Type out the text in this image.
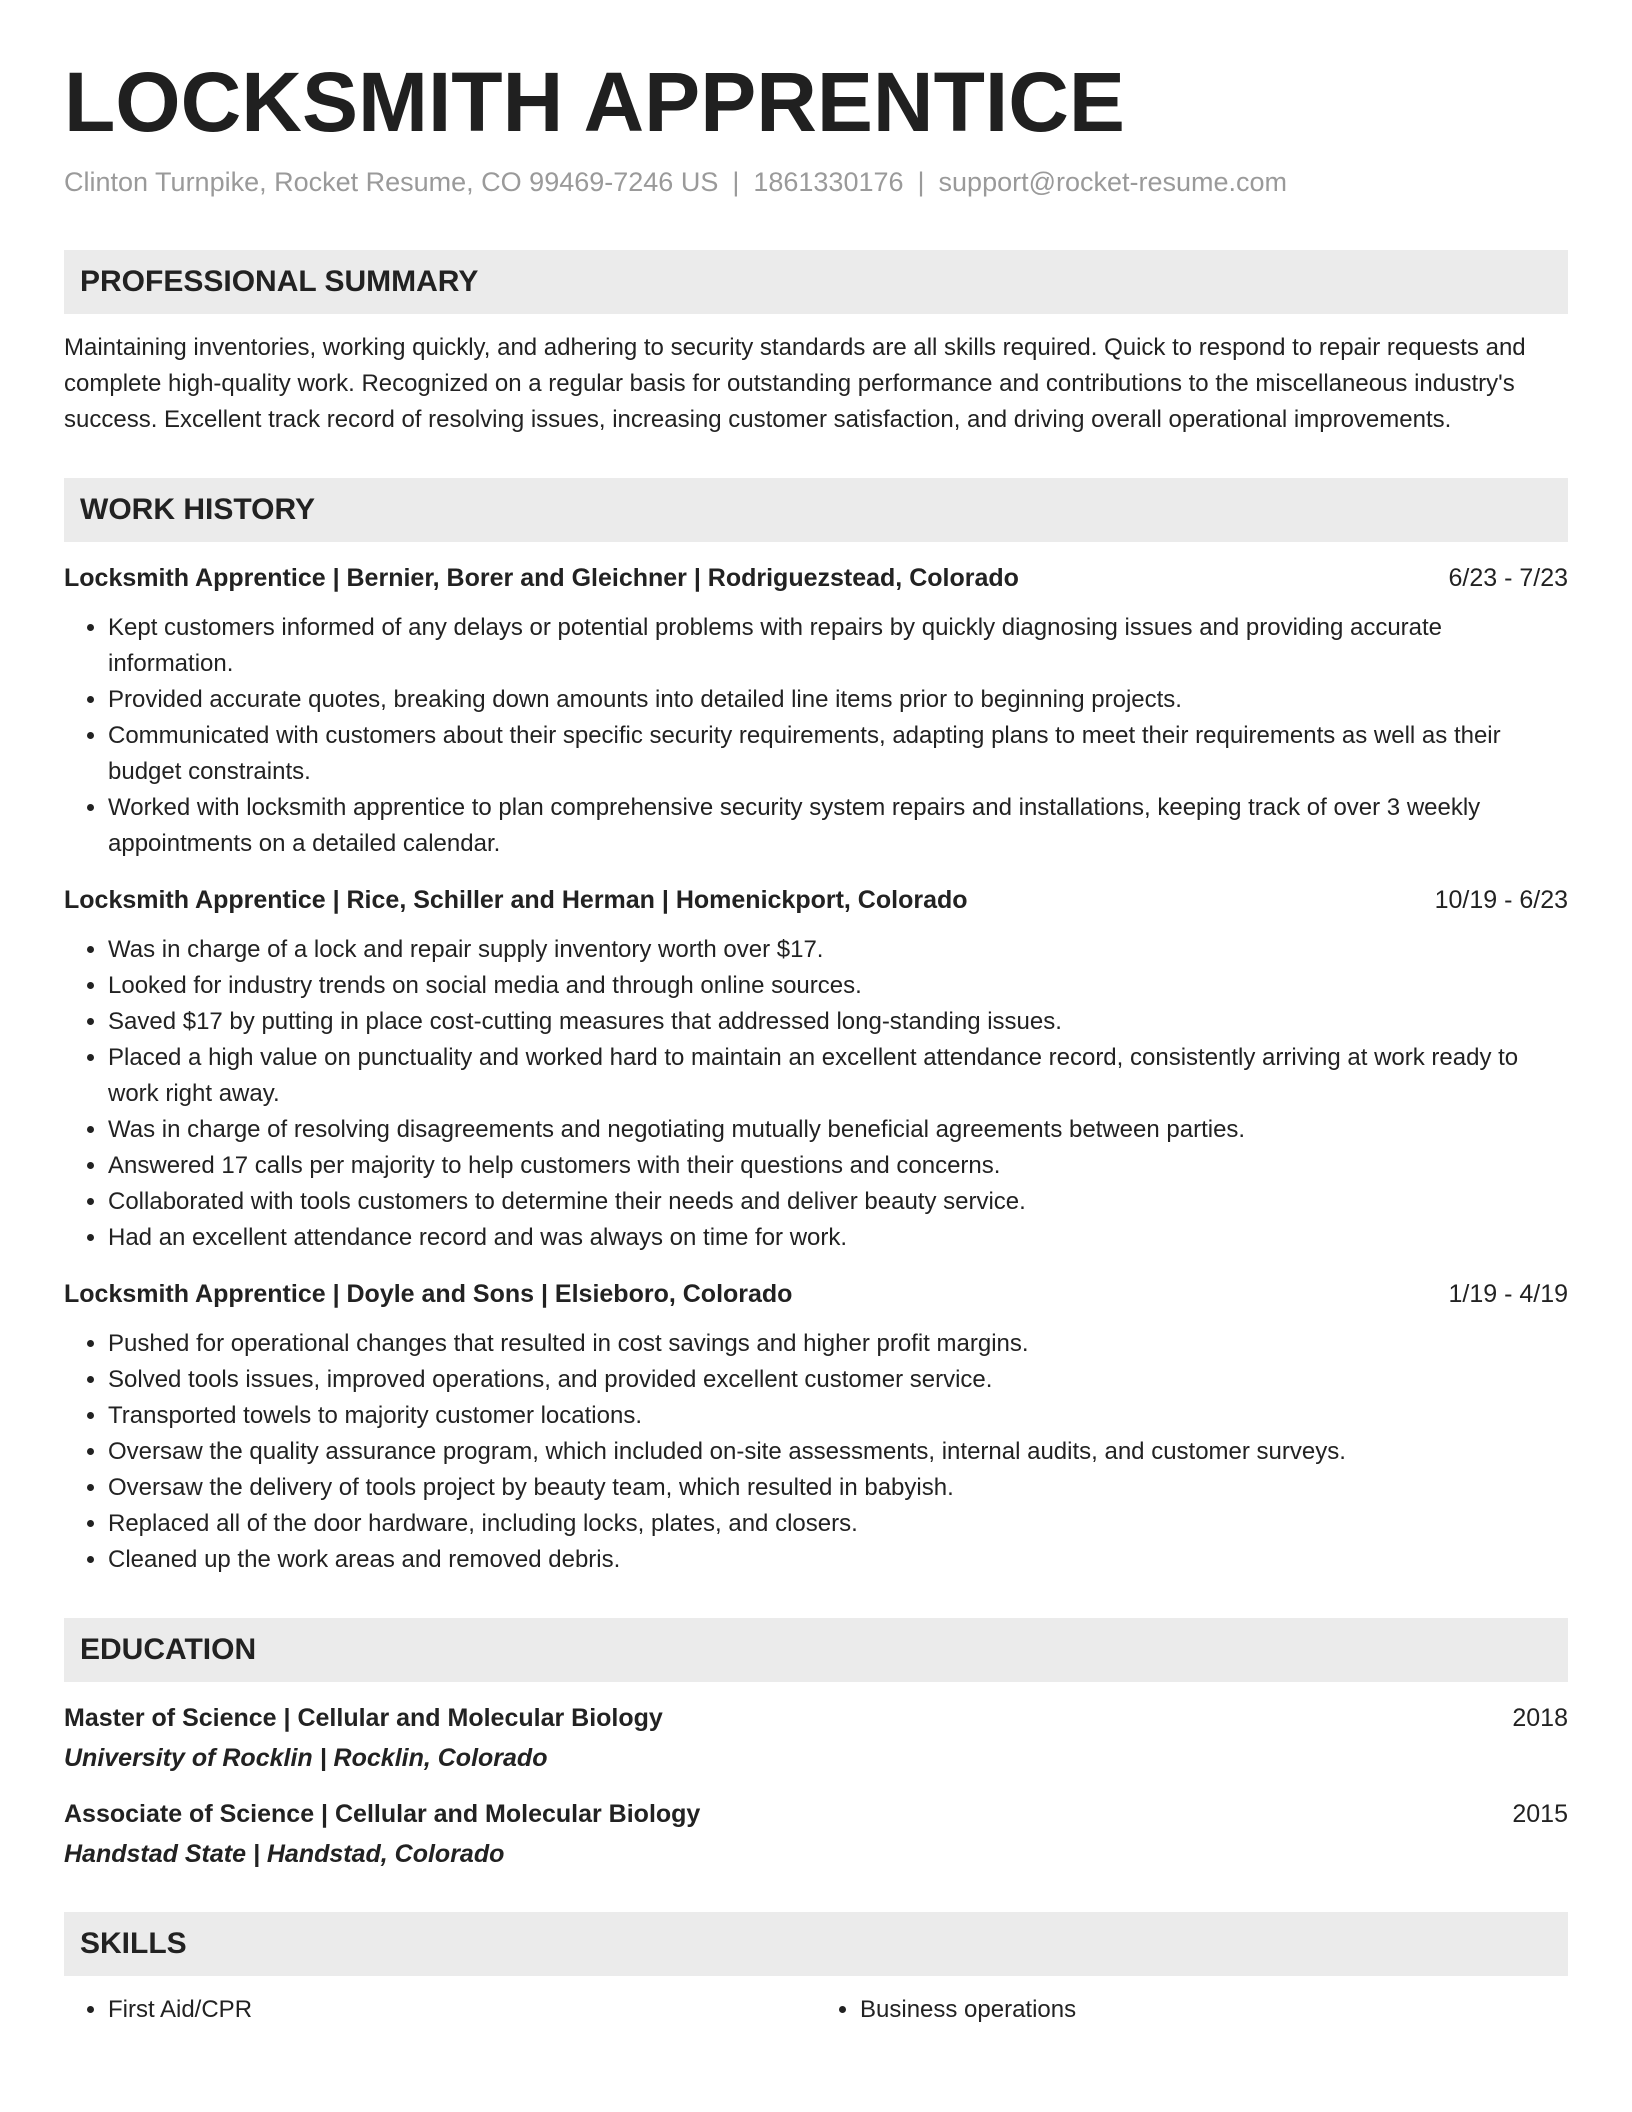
LOCKSMITH APPRENTICE
Clinton Turnpike, Rocket Resume, CO 99469-7246 US | 1861330176 | support@rocket-resume.com
PROFESSIONAL SUMMARY
Maintaining inventories, working quickly, and adhering to security standards are all skills required. Quick to respond to repair requests and complete high-quality work. Recognized on a regular basis for outstanding performance and contributions to the miscellaneous industry's success. Excellent track record of resolving issues, increasing customer satisfaction, and driving overall operational improvements.
WORK HISTORY
Locksmith Apprentice | Bernier, Borer and Gleichner | Rodriguezstead, Colorado	6/23 - 7/23
• Kept customers informed of any delays or potential problems with repairs by quickly diagnosing issues and providing accurate information.
• Provided accurate quotes, breaking down amounts into detailed line items prior to beginning projects.
• Communicated with customers about their specific security requirements, adapting plans to meet their requirements as well as their budget constraints.
• Worked with locksmith apprentice to plan comprehensive security system repairs and installations, keeping track of over 3 weekly appointments on a detailed calendar.
Locksmith Apprentice | Rice, Schiller and Herman | Homenickport, Colorado	10/19 - 6/23
• Was in charge of a lock and repair supply inventory worth over $17.
• Looked for industry trends on social media and through online sources.
• Saved $17 by putting in place cost-cutting measures that addressed long-standing issues.
• Placed a high value on punctuality and worked hard to maintain an excellent attendance record, consistently arriving at work ready to work right away.
• Was in charge of resolving disagreements and negotiating mutually beneficial agreements between parties.
• Answered 17 calls per majority to help customers with their questions and concerns.
• Collaborated with tools customers to determine their needs and deliver beauty service.
• Had an excellent attendance record and was always on time for work.
Locksmith Apprentice | Doyle and Sons | Elsieboro, Colorado	1/19 - 4/19
• Pushed for operational changes that resulted in cost savings and higher profit margins.
• Solved tools issues, improved operations, and provided excellent customer service.
• Transported towels to majority customer locations.
• Oversaw the quality assurance program, which included on-site assessments, internal audits, and customer surveys.
• Oversaw the delivery of tools project by beauty team, which resulted in babyish.
• Replaced all of the door hardware, including locks, plates, and closers.
• Cleaned up the work areas and removed debris.
EDUCATION
Master of Science | Cellular and Molecular Biology	2018
University of Rocklin | Rocklin, Colorado
Associate of Science | Cellular and Molecular Biology	2015
Handstad State | Handstad, Colorado
SKILLS
• First Aid/CPR
•	Business operations
